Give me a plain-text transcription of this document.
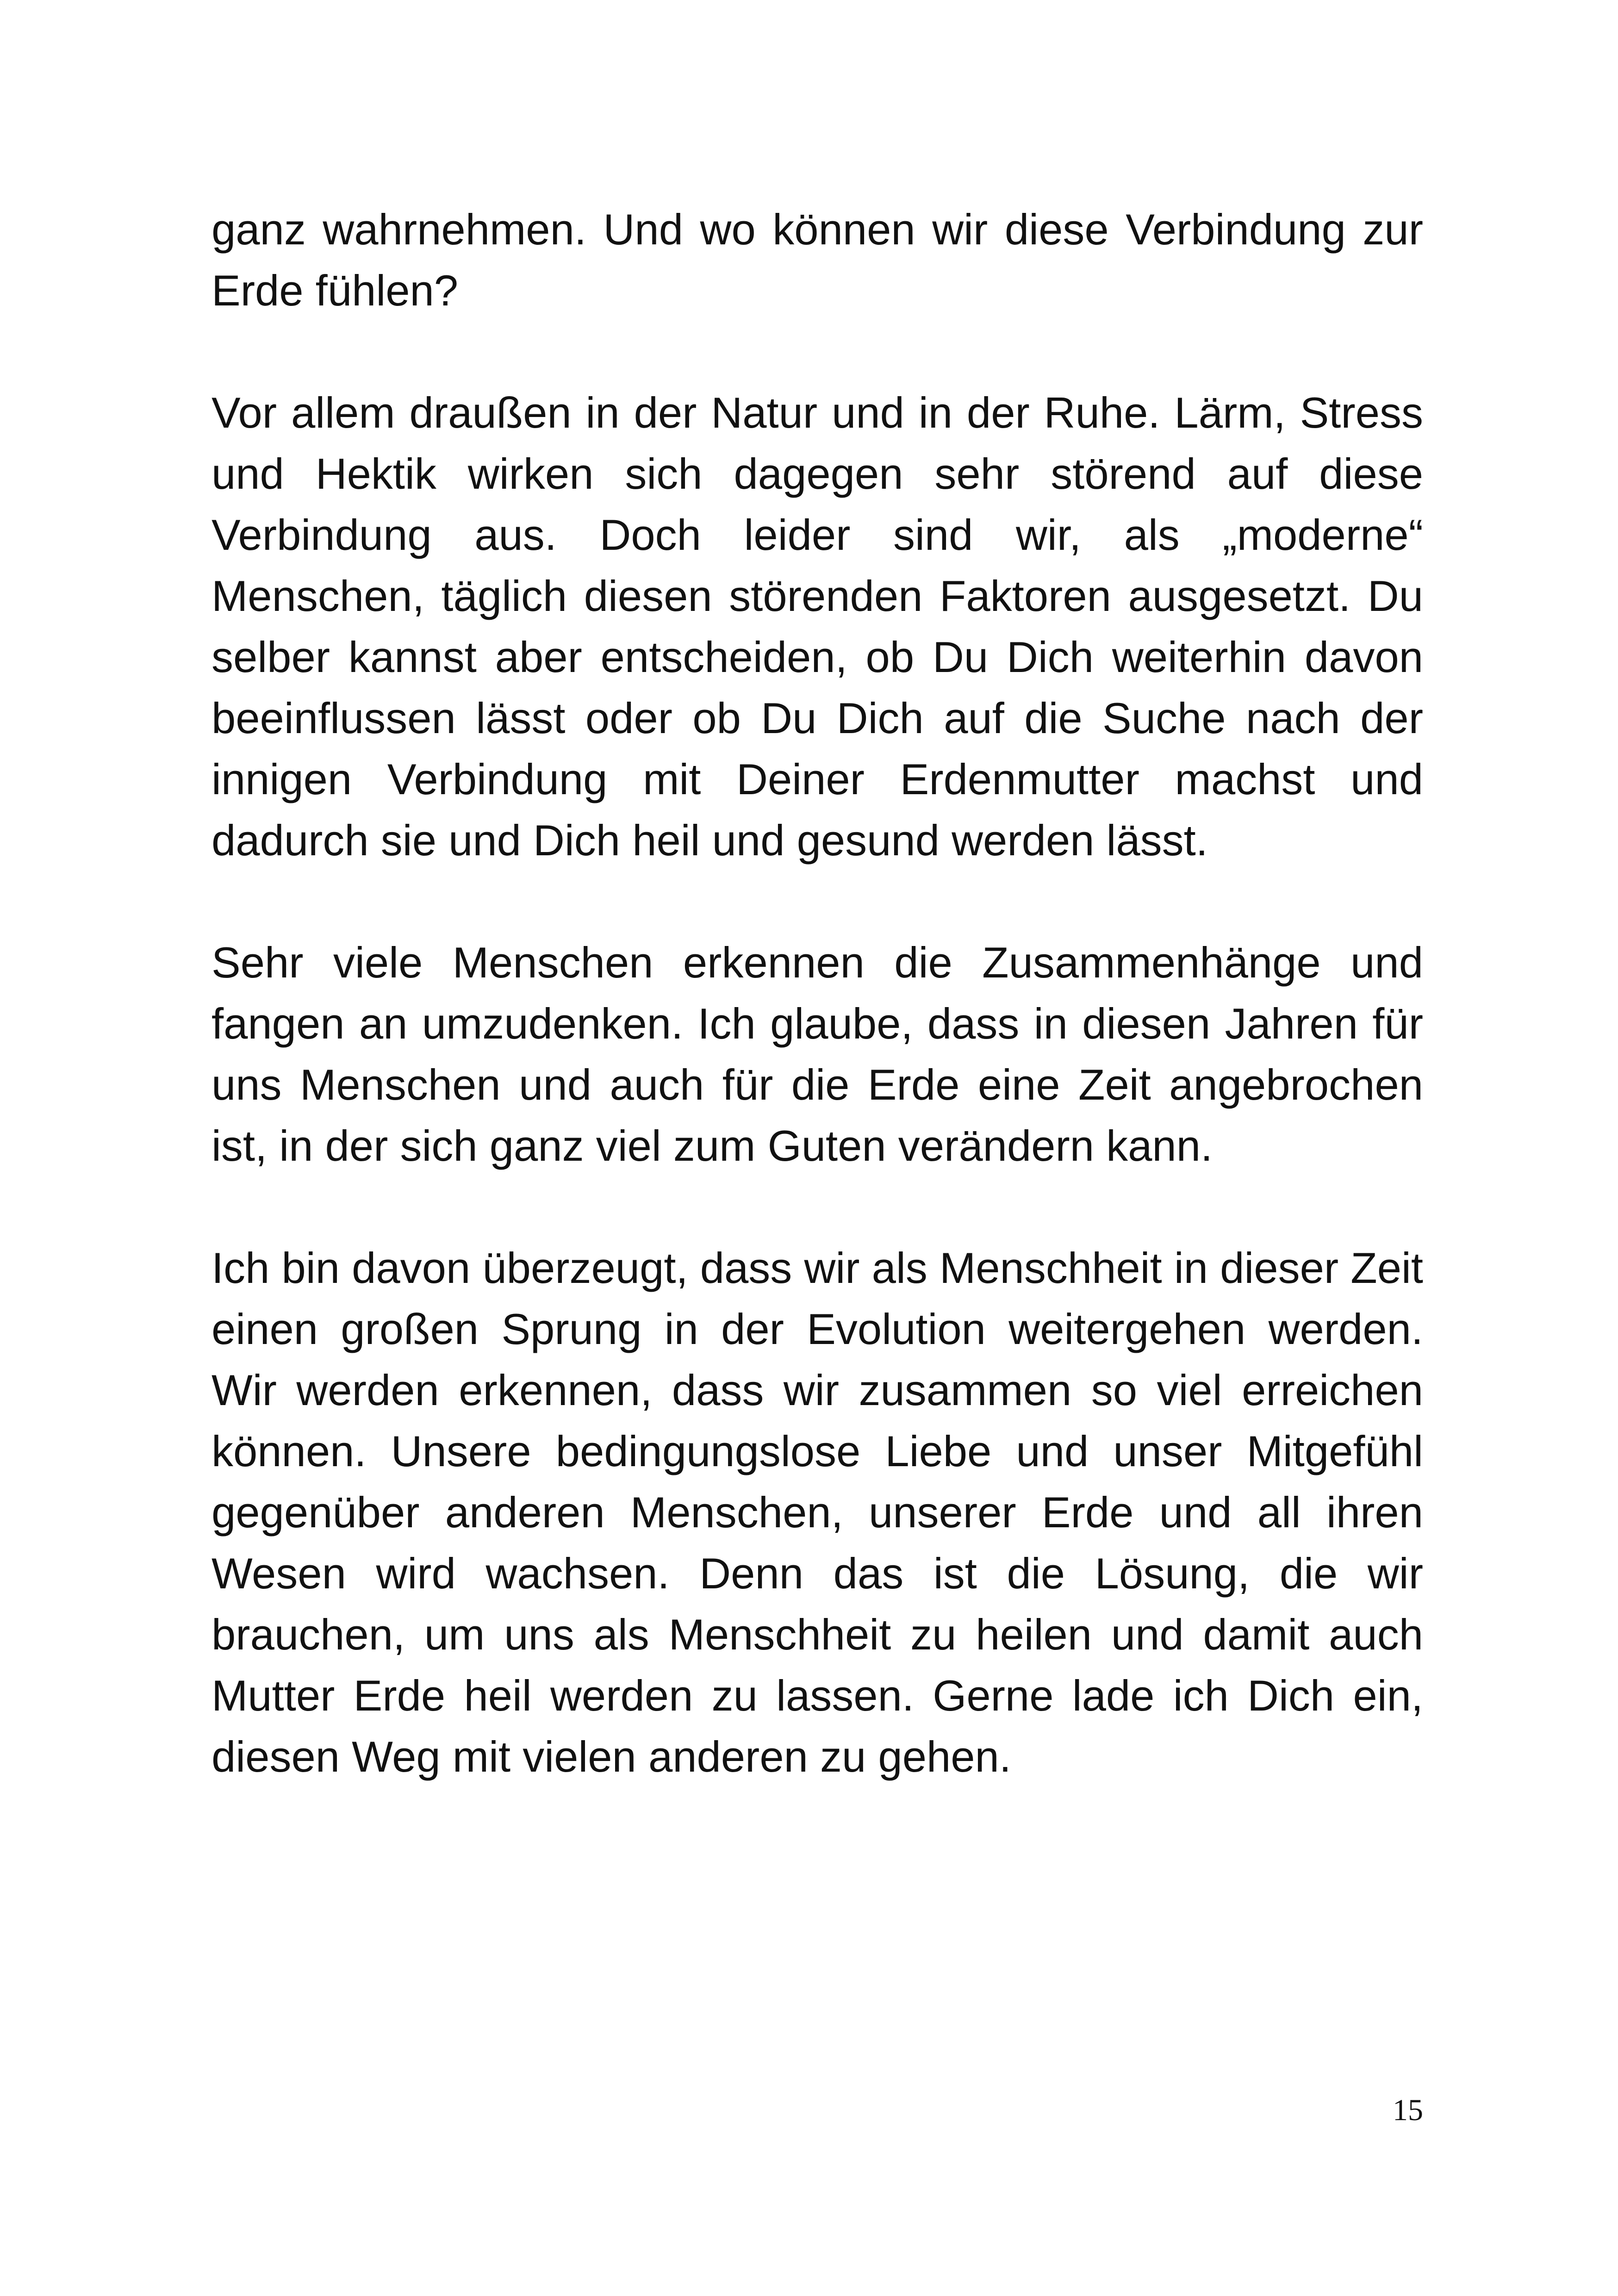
ganz wahrnehmen. Und wo können wir diese Verbindung zur Erde fühlen?

Vor allem draußen in der Natur und in der Ruhe. Lärm, Stress und Hektik wirken sich dagegen sehr störend auf diese Verbindung aus. Doch leider sind wir, als „moderne“ Menschen, täglich diesen störenden Faktoren ausgesetzt. Du selber kannst aber entscheiden, ob Du Dich weiterhin davon beeinflussen lässt oder ob Du Dich auf die Suche nach der innigen Verbindung mit Deiner Erdenmutter machst und dadurch sie und Dich heil und gesund werden lässt.

Sehr viele Menschen erkennen die Zusammenhänge und fangen an umzudenken. Ich glaube, dass in diesen Jahren für uns Menschen und auch für die Erde eine Zeit angebrochen ist, in der sich ganz viel zum Guten verändern kann.

Ich bin davon überzeugt, dass wir als Menschheit in dieser Zeit einen großen Sprung in der Evolution weitergehen werden. Wir werden erkennen, dass wir zusammen so viel erreichen können. Unsere bedingungslose Liebe und unser Mitgefühl gegenüber anderen Menschen, unserer Erde und all ihren Wesen wird wachsen. Denn das ist die Lösung, die wir brauchen, um uns als Menschheit zu heilen und damit auch Mutter Erde heil werden zu lassen. Gerne lade ich Dich ein, diesen Weg mit vielen anderen zu gehen.

15
